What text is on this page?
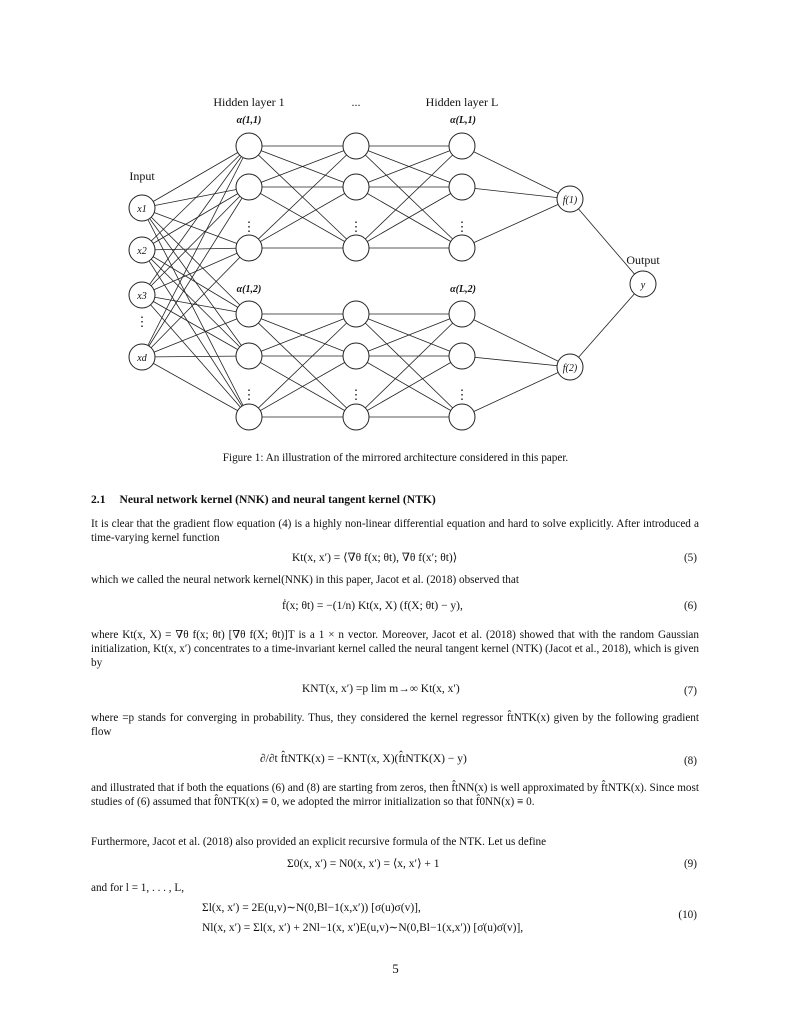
Hidden layer 1	...	Hidden layer L
Input
Output
α(1,1)	α(L,1)
α(1,2)	α(L,2)
x1
x2
x3
xd
f(1)
f(2)
y
⋮
⋮	⋮	⋮
⋮	⋮	⋮
Figure 1: An illustration of the mirrored architecture considered in this paper.
2.1 Neural network kernel (NNK) and neural tangent kernel (NTK)
It is clear that the gradient flow equation (4) is a highly non-linear differential equation and hard to solve explicitly. After introduced a time-varying kernel function
Kt(x, x′) = ⟨∇θ f(x; θt), ∇θ f(x′; θt)⟩	(5)
which we called the neural network kernel(NNK) in this paper, Jacot et al. (2018) observed that
ḟ(x; θt) = −(1/n) Kt(x, X) (f(X; θt) − y),	(6)
where Kt(x, X) = ∇θ f(x; θt) [∇θ f(X; θt)]T is a 1 × n vector. Moreover, Jacot et al. (2018) showed that with the random Gaussian initialization, Kt(x, x′) concentrates to a time-invariant kernel called the neural tangent kernel (NTK) (Jacot et al., 2018), which is given by
KNT(x, x′) =p lim m→∞ Kt(x, x′)	(7)
where =p stands for converging in probability. Thus, they considered the kernel regressor f̂tNTK(x) given by the following gradient flow
∂/∂t f̂tNTK(x) = −KNT(x, X)(f̂tNTK(X) − y)	(8)
and illustrated that if both the equations (6) and (8) are starting from zeros, then f̂tNN(x) is well approximated by f̂tNTK(x). Since most studies of (6) assumed that f̂0NTK(x) ≡ 0, we adopted the mirror initialization so that f̂0NN(x) ≡ 0.
Furthermore, Jacot et al. (2018) also provided an explicit recursive formula of the NTK. Let us define
Σ0(x, x′) = N0(x, x′) = ⟨x, x′⟩ + 1	(9)
and for l = 1, . . . , L,
Σl(x, x′) = 2E(u,v)∼N(0,Bl−1(x,x′)) [σ(u)σ(v)],
Nl(x, x′) = Σl(x, x′) + 2Nl−1(x, x′)E(u,v)∼N(0,Bl−1(x,x′)) [σ̇(u)σ̇(v)],
(10)
5
